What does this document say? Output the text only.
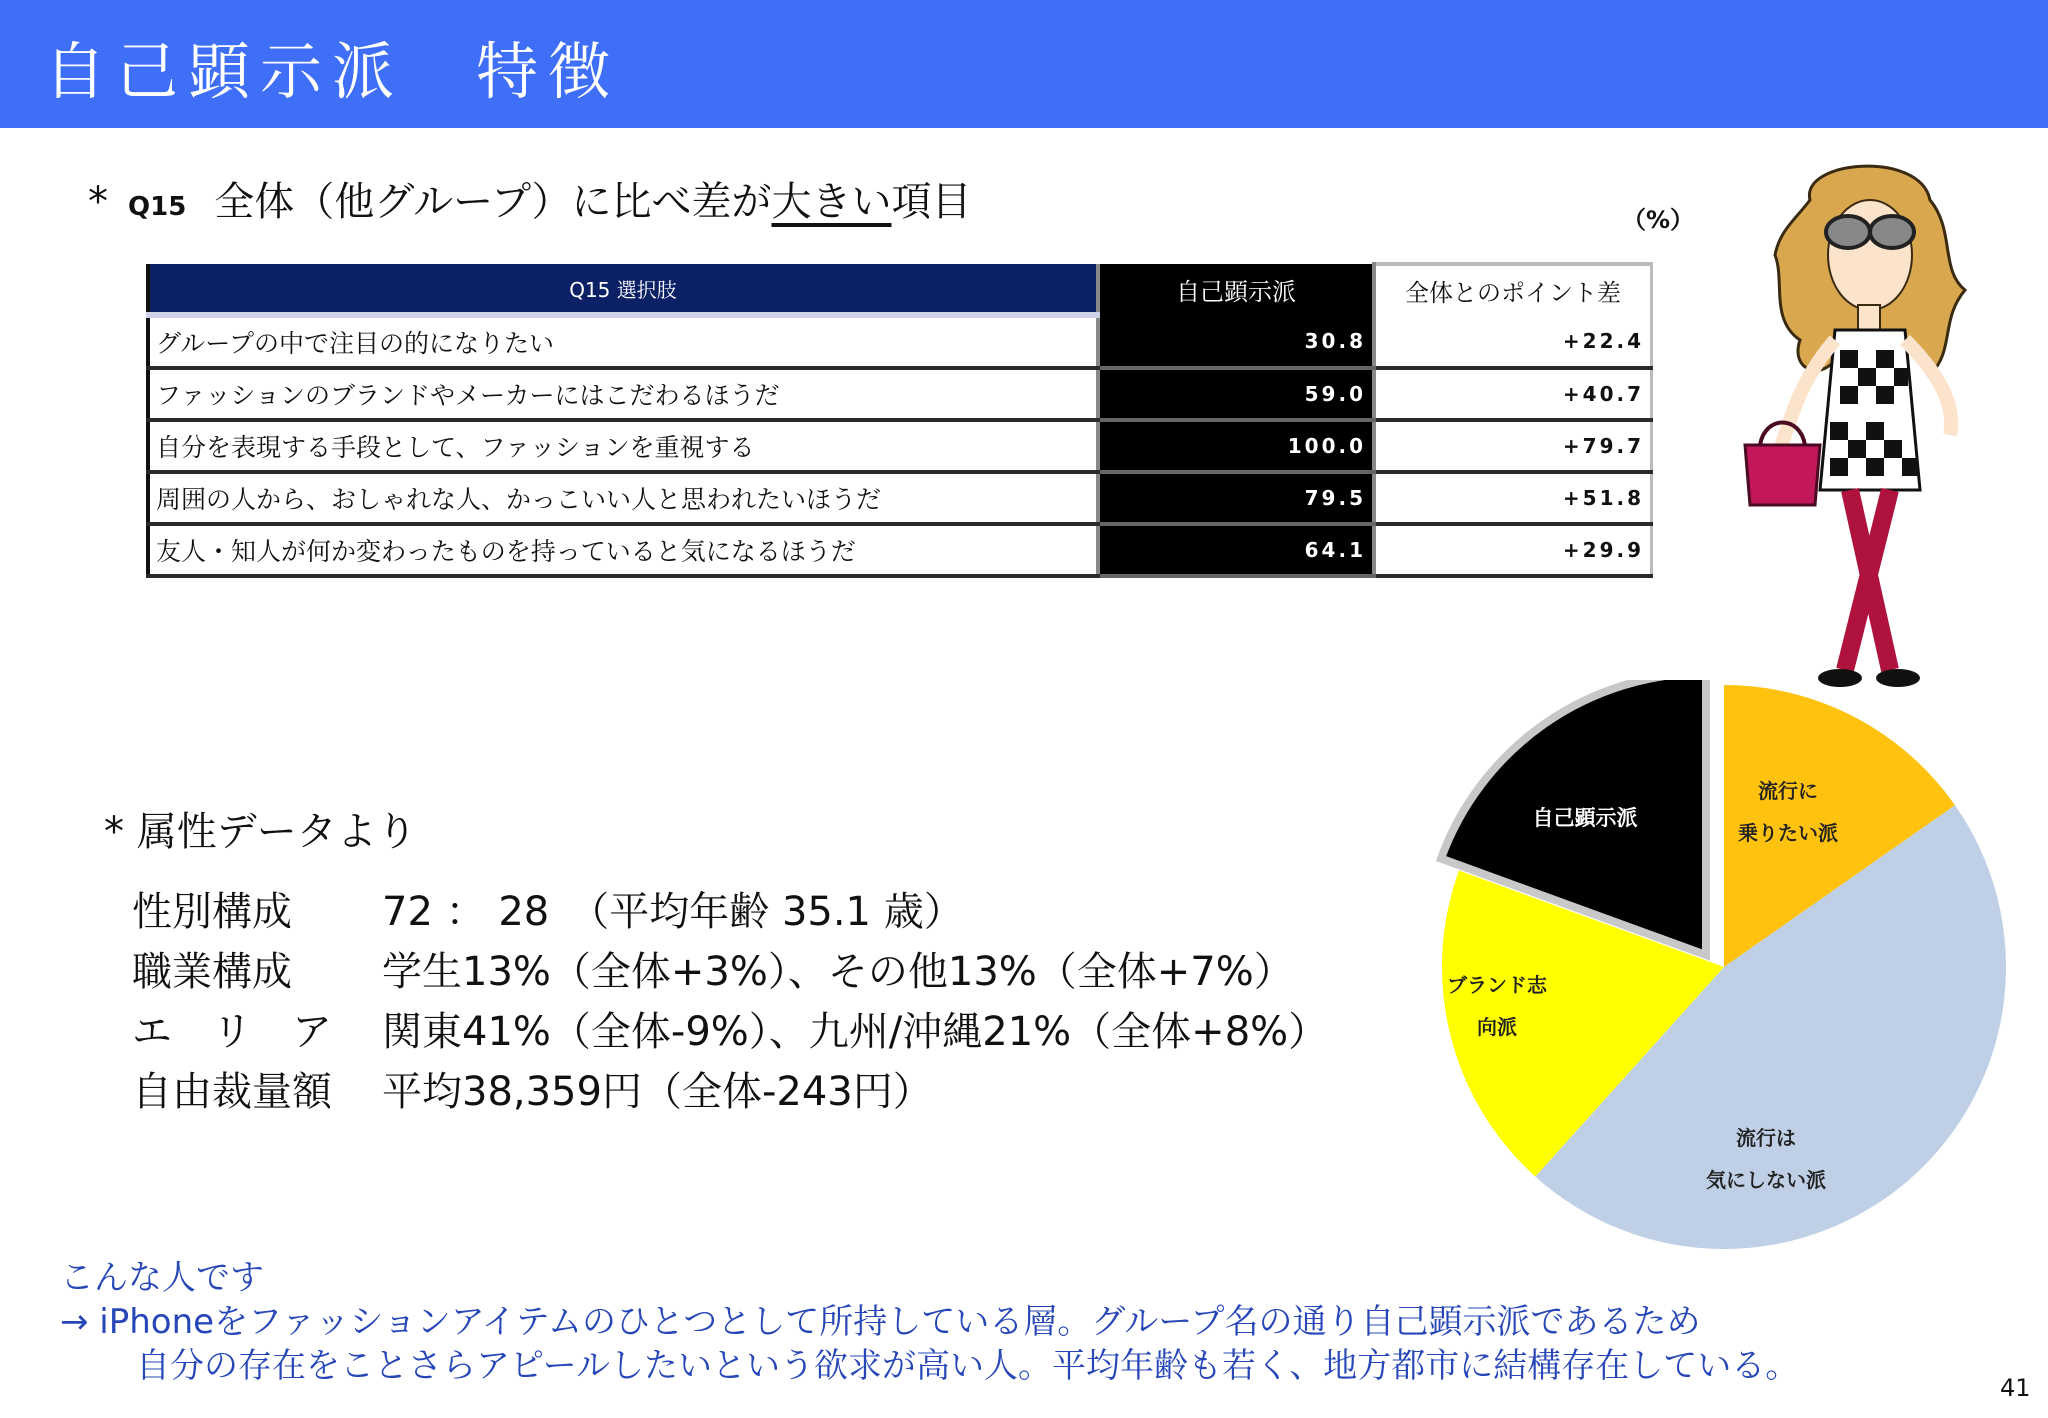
自己顕示派　特徴
* Q15 全体（他グループ）に比べ差が大きい項目	（%）
Q15 選択肢	自己顕示派	全体とのポイント差
グループの中で注目の的になりたい	30.8	+22.4
ファッションのブランドやメーカーにはこだわるほうだ	59.0	+40.7
自分を表現する手段として、ファッションを重視する	100.0	+79.7
周囲の人から、おしゃれな人、かっこいい人と思われたいほうだ	79.5	+51.8
友人・知人が何か変わったものを持っていると気になるほうだ	64.1	+29.9
* 属性データより
性別構成	72 ： 28　（平均年齢 35.1 歳）
職業構成	学生13%（全体+3%）、その他13%（全体+7%）
エ　リ　ア	関東41%（全体-9%）、九州/沖縄21%（全体+8%）
自由裁量額	平均38,359円（全体-243円）
自己顕示派
流行に
乗りたい派
流行は
気にしない派
ブランド志
向派
こんな人です
→ iPhoneをファッションアイテムのひとつとして所持している層。グループ名の通り自己顕示派であるため
自分の存在をことさらアピールしたいという欲求が高い人。平均年齢も若く、地方都市に結構存在している。
41
